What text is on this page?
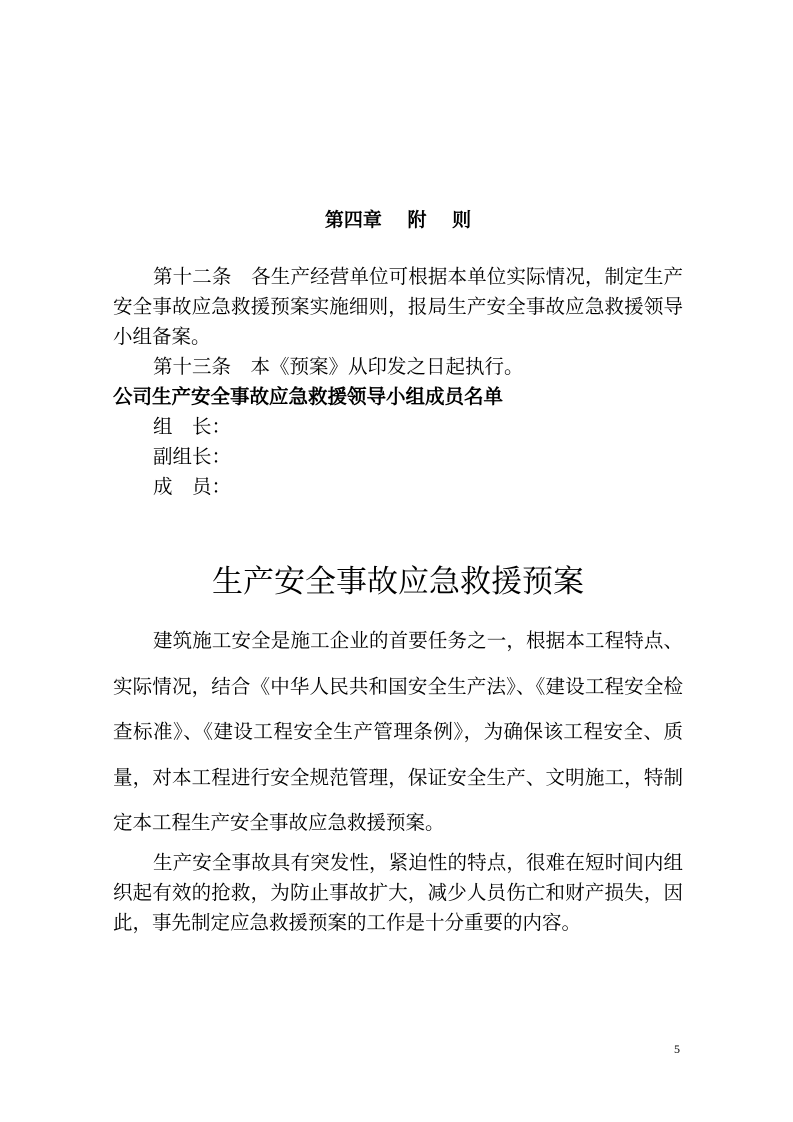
第四章　 附　 则

第十二条　各生产经营单位可根据本单位实际情况，制定生产安全事故应急救援预案实施细则，报局生产安全事故应急救援领导小组备案。

第十三条　本《预案》从印发之日起执行。

公司生产安全事故应急救援领导小组成员名单

组　长：

副组长：

成　员：

生产安全事故应急救援预案

建筑施工安全是施工企业的首要任务之一，根据本工程特点、实际情况，结合《中华人民共和国安全生产法》、《建设工程安全检查标准》、《建设工程安全生产管理条例》，为确保该工程安全、质量，对本工程进行安全规范管理，保证安全生产、文明施工，特制定本工程生产安全事故应急救援预案。

生产安全事故具有突发性，紧迫性的特点，很难在短时间内组织起有效的抢救，为防止事故扩大，减少人员伤亡和财产损失，因此，事先制定应急救援预案的工作是十分重要的内容。

5
